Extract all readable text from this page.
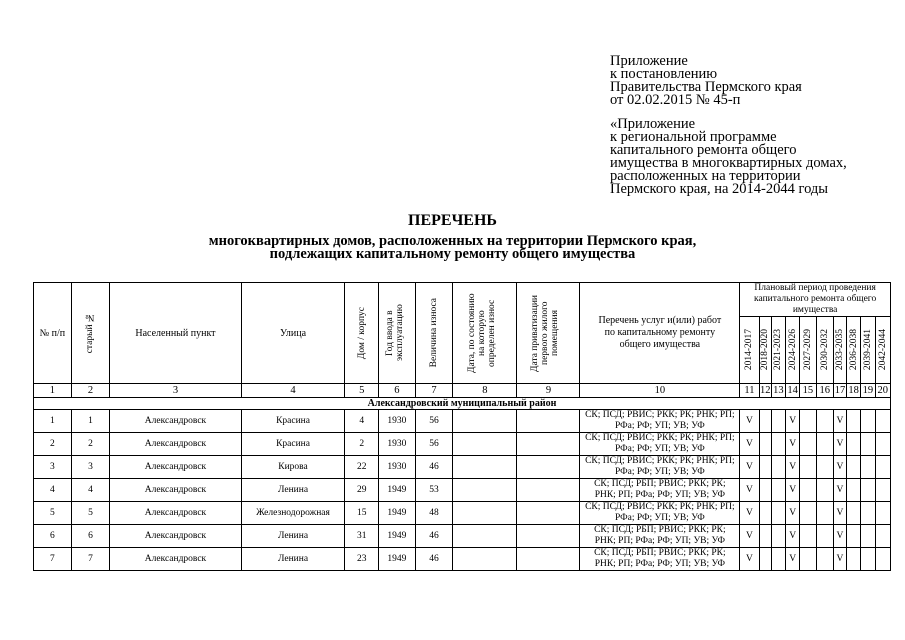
Приложение
к постановлению
Правительства Пермского края
от 02.02.2015 № 45-п
«Приложение
к региональной программе
капитального ремонта общего
имущества в многоквартирных домах,
расположенных на территории
Пермского края, на 2014-2044 годы
ПЕРЕЧЕНЬ
многоквартирных домов, расположенных на территории Пермского края,
подлежащих капитальному ремонту общего имущества
№ п/п	старый №	Населенный пункт	Улица	Дом / корпус	Год ввода в эксплуатацию	Величина износа	Дата, по состоянию на которую определен износ	Дата приватизации первого жилого помещения	Перечень услуг и(или) работ по капитальному ремонту общего имущества	Плановый период проведения капитального ремонта общего имущества									

										2014-2017	2018-2020	2021-2023	2024-2026	2027-2029	2030-2032	2033-2035	2036-2038	2039-2041	2042-2044

1	2	3	4	5	6	7	8	9	10	11	12	13	14	15	16	17	18	19	20
Александровский муниципальный район																			
1	1	Александровск	Красина	4	1930	56			СК; ПСД; РВИС; РКК; РК; РНК; РП;
РФа; РФ; УП; УВ; УФ	V			V			V			
2	2	Александровск	Красина	2	1930	56			СК; ПСД; РВИС; РКК; РК; РНК; РП;
РФа; РФ; УП; УВ; УФ	V			V			V			
3	3	Александровск	Кирова	22	1930	46			СК; ПСД; РВИС; РКК; РК; РНК; РП;
РФа; РФ; УП; УВ; УФ	V			V			V			
4	4	Александровск	Ленина	29	1949	53			СК; ПСД; РБП; РВИС; РКК; РК;
РНК; РП; РФа; РФ; УП; УВ; УФ	V			V			V			
5	5	Александровск	Железнодорожная	15	1949	48			СК; ПСД; РВИС; РКК; РК; РНК; РП;
РФа; РФ; УП; УВ; УФ	V			V			V			
6	6	Александровск	Ленина	31	1949	46			СК; ПСД; РБП; РВИС; РКК; РК;
РНК; РП; РФа; РФ; УП; УВ; УФ	V			V			V			
7	7	Александровск	Ленина	23	1949	46			СК; ПСД; РБП; РВИС; РКК; РК;
РНК; РП; РФа; РФ; УП; УВ; УФ	V			V			V			
